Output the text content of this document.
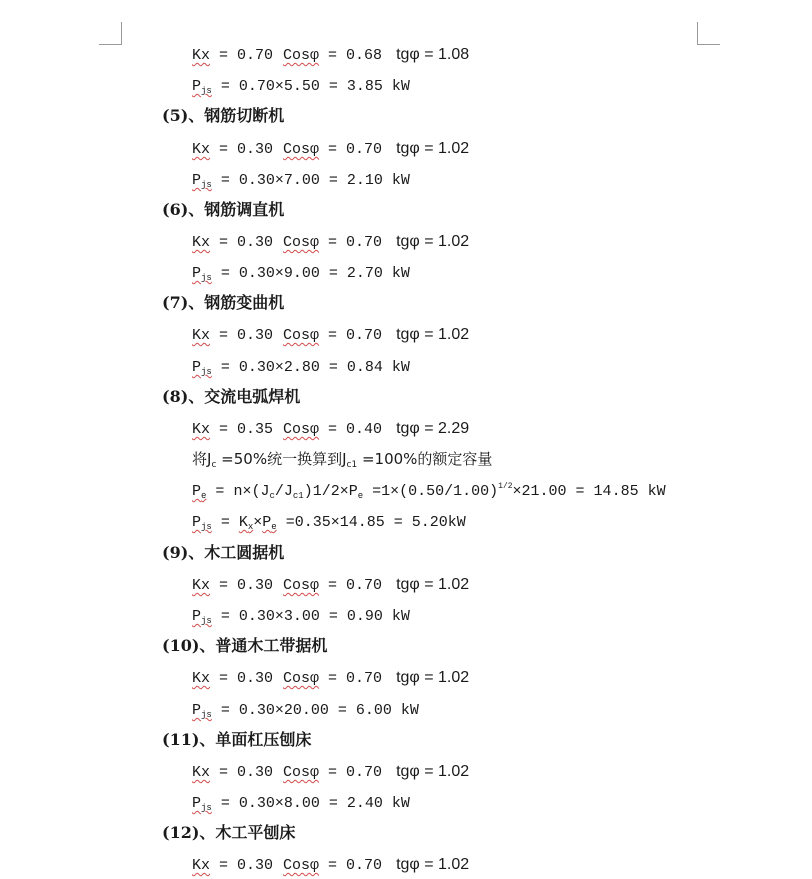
Kx = 0.70 Cosφ = 0.68 tgφ = 1.08
$P_{js} = 0.70\times 5.50 = 3.85$ kW
(5)、钢筋切断机
Kx = 0.30 Cosφ = 0.70 tgφ = 1.02
$P_{js} = 0.30\times 7.00 = 2.10$ kW
(6)、钢筋调直机
Kx = 0.30 Cosφ = 0.70 tgφ = 1.02
$P_{js} = 0.30\times 9.00 = 2.70$ kW
(7)、钢筋变曲机
Kx = 0.30 Cosφ = 0.70 tgφ = 1.02
$P_{js} = 0.30\times 2.80 = 0.84$ kW
(8)、交流电弧焊机
Kx = 0.35 Cosφ = 0.40 tgφ = 2.29
将$J_c =50\%$统一换算到$J_{c1} =100\%$的额定容量
$P_e = n\times(J_c/J_{c1})1/2\times P_e =1\times(0.50/1.00)^{1/2}\times 21.00 = 14.85$ kW
$P_{js} = K_x\times P_e =0.35\times 14.85 = 5.20kW$
(9)、木工圆据机
Kx = 0.30 Cosφ = 0.70 tgφ = 1.02
$P_{js} = 0.30\times 3.00 = 0.90$ kW
(10)、普通木工带据机
Kx = 0.30 Cosφ = 0.70 tgφ = 1.02
$P_{js} = 0.30\times 20.00 = 6.00$ kW
(11)、单面杠压刨床
Kx = 0.30 Cosφ = 0.70 tgφ = 1.02
$P_{js} = 0.30\times 8.00 = 2.40$ kW
(12)、木工平刨床
Kx = 0.30 Cosφ = 0.70 tgφ = 1.02
